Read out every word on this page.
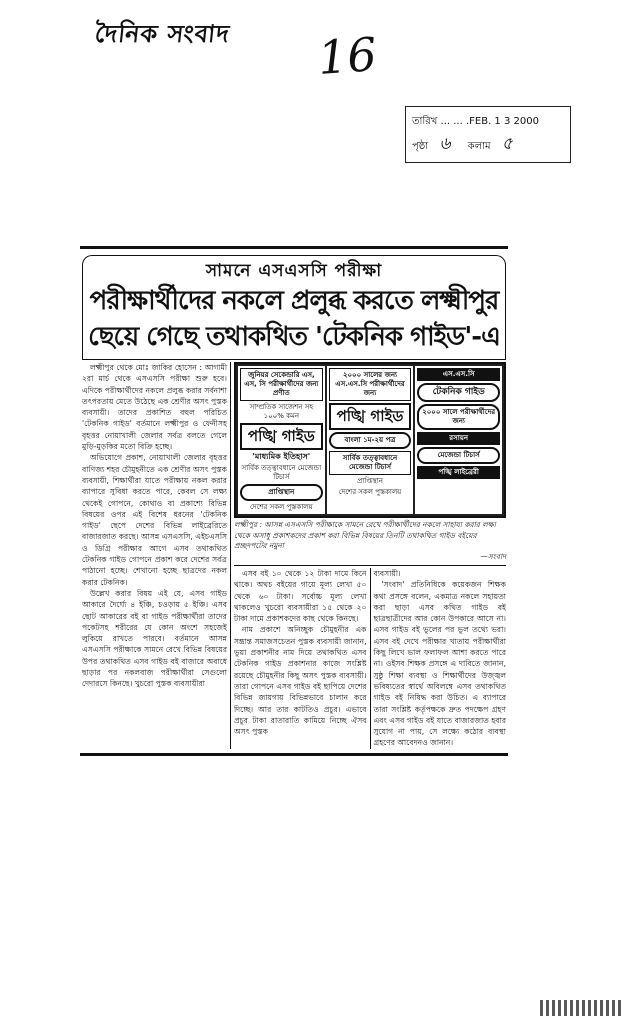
দৈনিক সংবাদ 16
তারিখ ... ... .FEB. 1 3 2000
পৃষ্ঠা ৬ কলাম ৫
সামনে এসএসসি পরীক্ষা
পরীক্ষার্থীদের নকলে প্রলুব্ধ করতে লক্ষ্মীপুর
ছেয়ে গেছে তথাকথিত 'টেকনিক গাইড'-এ

লক্ষ্মীপুর থেকে মোঃ জাকির হোসেন : আগামী ২রা মার্চ থেকে এসএসসি পরীক্ষা শুরু হবে। এদিকে পরীক্ষার্থীদের নকলে প্রলুব্ধ করার সর্বনাশা তৎপরতায় মেতে উঠেছে এক শ্রেণীর অসৎ পুস্তক ব্যবসায়ী। তাদের প্রকাশিত বহুল পরিচিত 'টেকনিক গাইড' বর্তমানে লক্ষ্মীপুর ও ফেনীসহ বৃহত্তর নোয়াখালী জেলার সর্বত্র বলতে গেলে মুড়ি-মুড়কির মতো বিক্রি হচ্ছে।

অভিযোগে প্রকাশ, নোয়াখালী জেলার বৃহত্তর বাণিজ্য শহর চৌমুহনীতে এক শ্রেণীর অসৎ পুস্তক ব্যবসায়ী, শিক্ষার্থীরা যাতে পরীক্ষায় নকল করার ব্যাপারে সুবিধা করতে পারে, কেবল সে লক্ষ্য থেকেই গোপনে, কোথাও বা প্রকাশ্যে বিভিন্ন বিষয়ের ওপর এই বিশেষ ধরনের 'টেকনিক গাইড' ছেপে দেশের বিভিন্ন লাইব্রেরিতে বাজারজাত করছে। আসন্ন এসএসসি, এইচএসসি ও ডিগ্রি পরীক্ষার আগে এসব তথাকথিত টেকনিক গাইড গোপনে প্রকাশ করে দেশের সর্বত্র পাঠানো হচ্ছে। শেখানো হচ্ছে ছাত্রদের নকল করার টেকনিক।

উল্লেখ করার বিষয় এই যে, এসব গাইড আকারে দৈর্ঘ্যে ৪ ইঞ্চি, চওড়ায় ৫ ইঞ্চি। এসব ছোট আকারের বই বা গাইড পরীক্ষার্থীরা তাদের পকেটসহ শরীরের যে কোন অংশে সহজেই লুকিয়ে রাখতে পারবে। বর্তমানে আসন্ন এসএসসি পরীক্ষাকে সামনে রেখে বিভিন্ন বিষয়ের উপর তথাকথিত এসব গাইড বই বাজারে অবাধে ছাড়ার পর নকলবাজ পরীক্ষার্থীরা সেগুলো দেদারসে কিনছে। খুচরো পুস্তক ব্যবসায়ীরা

জুনিয়র সেকেন্ডারি এস, এস, সি পরীক্ষার্থীদের জন্য প্রণীত
সাম্প্রতিক সাজেশন সহ ১০০% কমন
পঙ্খি গাইড
'মাধ্যমিক ইতিহাস'
সার্বিক তত্ত্বাবধানে মেজেন্ডা টিচার্স
প্রাপ্তিস্থান
দেশের সকল পুস্তকালয়
২০০০ সালের জন্য এস.এস.সি পরীক্ষার্থীদের জন্য
পঙ্খি গাইড
বাংলা ১ম-২য় পত্র
সার্বিক তত্ত্বাবধানে মেজেন্ডা টিচার্স
প্রাপ্তিস্থান
দেশের সকল পুস্তকালয়
এস.এস.সি
টেকনিক গাইড
২০০০ সালে পরীক্ষার্থীদের জন্য
রসায়ন
মেজেন্ডা টিচার্স
পঙ্খি লাইব্রেরী
লক্ষ্মীপুর : আসন্ন এসএসসি পরীক্ষাকে সামনে রেখে পরীক্ষার্থীদের নকলে সাহায্য করার লক্ষ্য থেকে অসাধু প্রকাশকদের প্রকাশ করা বিভিন্ন বিষয়ের তিনটি তথাকথিত গাইড বইয়ের প্রচ্ছদপটের নমুনা
—সংবাদ

এসব বই ১০ থেকে ১২ টাকা দামে কিনে থাকে। অথচ বইয়ের গায়ে মূল্য লেখা ৫০ থেকে ৬০ টাকা। সর্বোচ্চ মূল্য লেখা থাকলেও খুচরো ব্যবসায়ীরা ১৫ থেকে ২০ টাকা দামে প্রকাশকদের কাছ থেকে কিনছে।

নাম প্রকাশে অনিচ্ছুক চৌমুহনীর এক সম্ভ্রান্ত সমাজসচেতন পুস্তক ব্যবসায়ী জানান, ভুয়া প্রকাশনীর নাম দিয়ে তথাকথিত এসব টেকনিক গাইড প্রকাশনার কাজে সংশ্লিষ্ট রয়েছে চৌমুহনীর কিছু অসৎ পুস্তক ব্যবসায়ী। তারা গোপনে এসব গাইড বই ছাপিয়ে দেশের বিভিন্ন জায়গায় বিভিন্নভাবে চালান করে দিচ্ছে। আর তার কাটতিও প্রচুর। এভাবে প্রচুর টাকা রাতারাতি কামিয়ে নিচ্ছে ঐসব অসৎ পুস্তক

ব্যবসায়ী।

'সংবাদ' প্রতিনিধিকে কয়েকজন শিক্ষক কথা প্রসঙ্গে বলেন, একমাত্র নকলে সহায়তা করা ছাড়া এসব কথিত গাইড বই ছাত্রছাত্রীদের আর কোন উপকারে আসে না। এসব গাইড বই ভুলের পর ভুল তথ্যে ভরা। এসব বই দেখে পরীক্ষার খাতায় পরীক্ষার্থীরা কিছু লিখে ভাল ফলাফল আশা করতে পারে না। ওইসব শিক্ষক প্রসঙ্গে এ দাবিতে জানান, সুষ্ঠু শিক্ষা ব্যবস্থা ও শিক্ষার্থীদের উজ্জ্বল ভবিষ্যতের স্বার্থে অবিলম্বে এসব তথাকথিত গাইড বই নিষিদ্ধ করা উচিত। এ ব্যাপারে তারা সংশ্লিষ্ট কর্তৃপক্ষকে দ্রুত পদক্ষেপ গ্রহণ এবং এসব গাইড বই যাতে বাজারজাত হবার সুযোগ না পায়, সে লক্ষ্যে কঠোর ব্যবস্থা গ্রহণের আবেদনও জানান।
